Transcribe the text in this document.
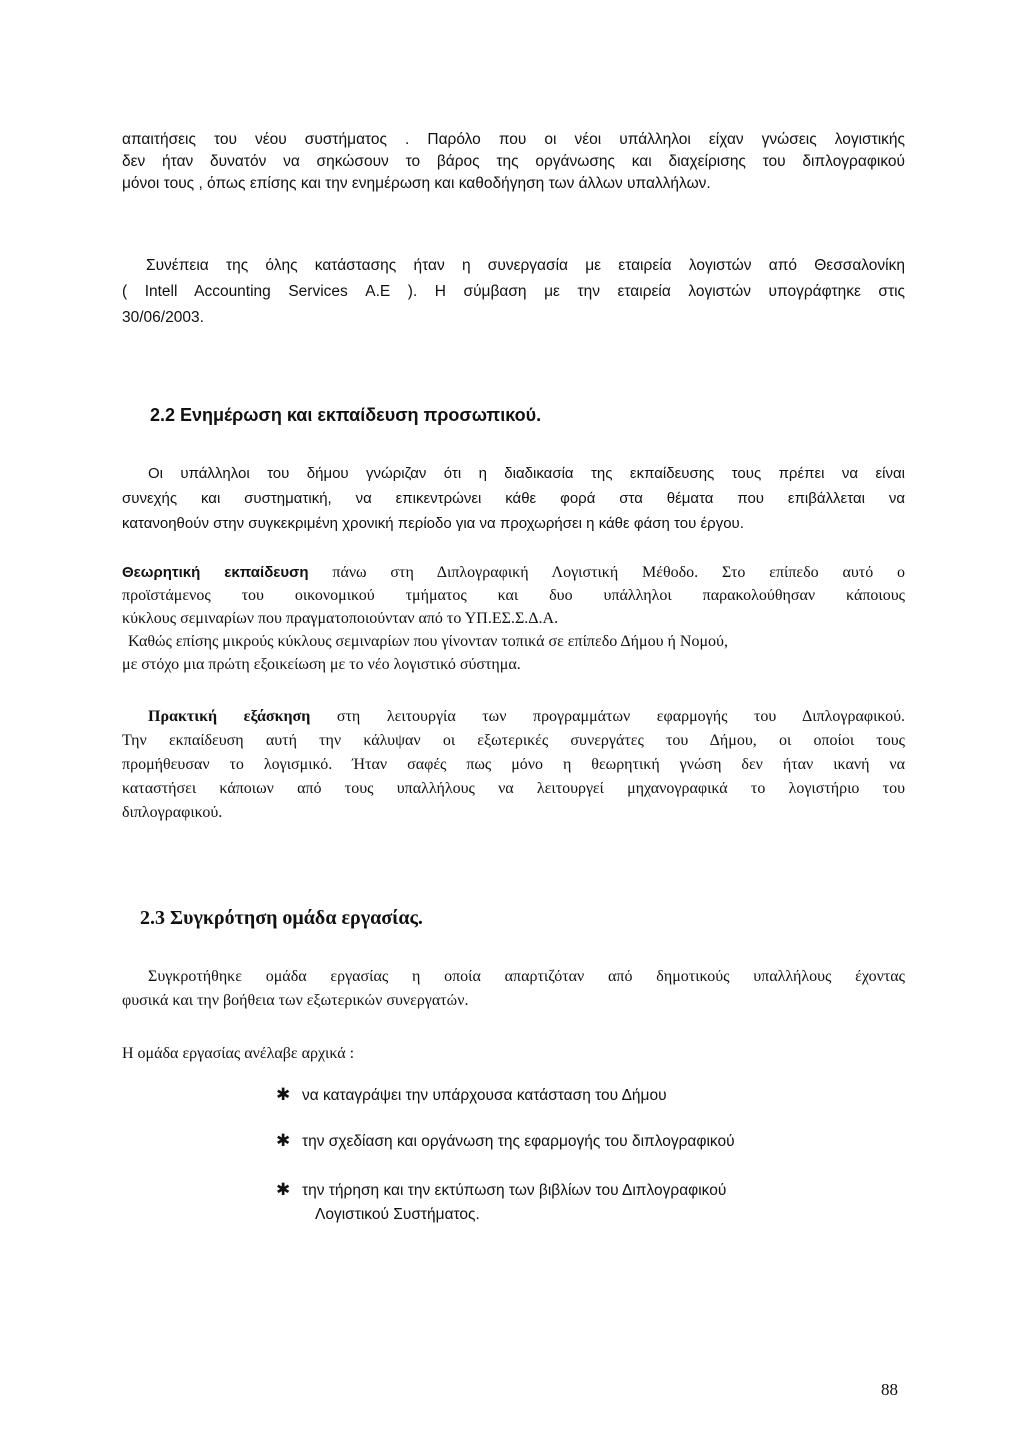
απαιτήσεις του νέου συστήματος . Παρόλο που οι νέοι υπάλληλοι είχαν γνώσεις λογιστικής
δεν ήταν δυνατόν να σηκώσουν το βάρος της οργάνωσης και διαχείρισης του διπλογραφικού
μόνοι τους , όπως επίσης και την ενημέρωση και καθοδήγηση των άλλων υπαλλήλων.
Συνέπεια της όλης κατάστασης ήταν η συνεργασία με εταιρεία λογιστών από Θεσσαλονίκη
( Intell Accounting Services Α.Ε ). Η σύμβαση με την εταιρεία λογιστών υπογράφτηκε στις
30/06/2003.
2.2 Ενημέρωση και εκπαίδευση προσωπικού.
Οι υπάλληλοι του δήμου γνώριζαν ότι η διαδικασία της εκπαίδευσης τους πρέπει να είναι
συνεχής και συστηματική, να επικεντρώνει κάθε φορά στα θέματα που επιβάλλεται να
κατανοηθούν στην συγκεκριμένη χρονική περίοδο για να προχωρήσει η κάθε φάση του έργου.
Θεωρητική εκπαίδευση πάνω στη Διπλογραφική Λογιστική Μέθοδο. Στο επίπεδο αυτό ο
προϊστάμενος του οικονομικού τμήματος και δυο υπάλληλοι παρακολούθησαν κάποιους
κύκλους σεμιναρίων που πραγματοποιούνταν από το ΥΠ.ΕΣ.Σ.Δ.Α.
Καθώς επίσης μικρούς κύκλους σεμιναρίων που γίνονταν τοπικά σε επίπεδο Δήμου ή Νομού,
με στόχο μια πρώτη εξοικείωση με το νέο λογιστικό σύστημα.
Πρακτική εξάσκηση στη λειτουργία των προγραμμάτων εφαρμογής του Διπλογραφικού.
Την εκπαίδευση αυτή την κάλυψαν οι εξωτερικές συνεργάτες του Δήμου, οι οποίοι τους
προμήθευσαν το λογισμικό. Ήταν σαφές πως μόνο η θεωρητική γνώση δεν ήταν ικανή να
καταστήσει κάποιων από τους υπαλλήλους να λειτουργεί μηχανογραφικά το λογιστήριο του
διπλογραφικού.
2.3 Συγκρότηση ομάδα εργασίας.
Συγκροτήθηκε ομάδα εργασίας η οποία απαρτιζόταν από δημοτικούς υπαλλήλους έχοντας
φυσικά και την βοήθεια των εξωτερικών συνεργατών.
Η ομάδα εργασίας ανέλαβε αρχικά :
✱ να καταγράψει την υπάρχουσα κατάσταση του Δήμου
✱ την σχεδίαση και οργάνωση της εφαρμογής του διπλογραφικού
✱ την τήρηση και την εκτύπωση των βιβλίων του Διπλογραφικού
Λογιστικού Συστήματος.
88
